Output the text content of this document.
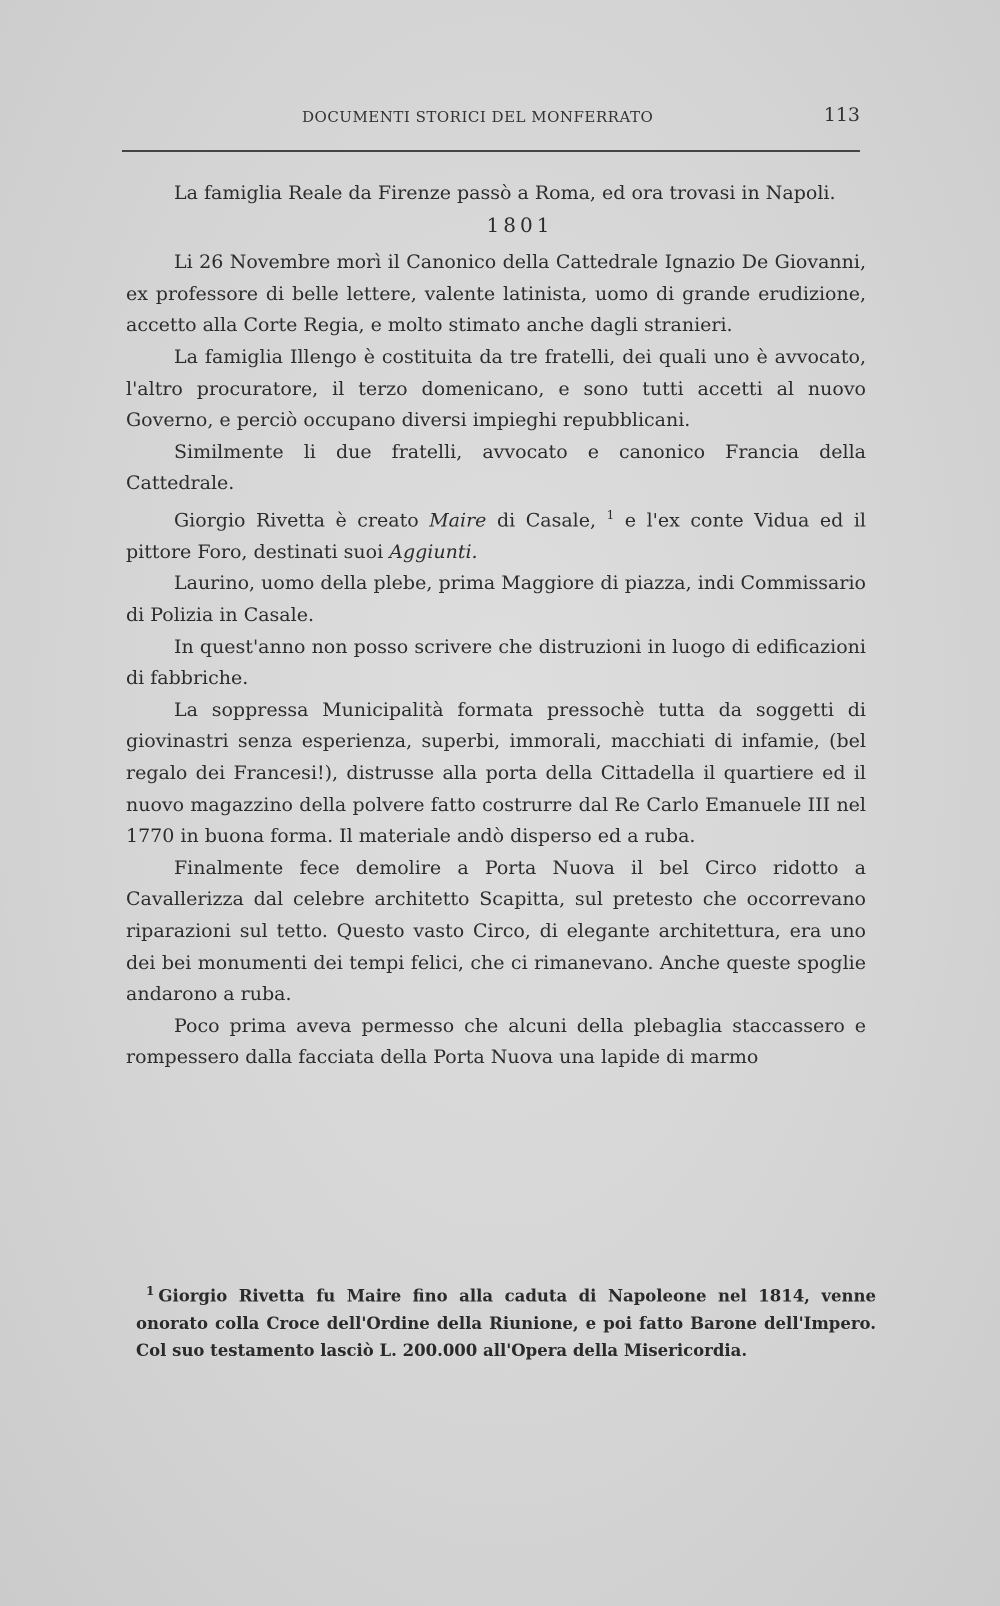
DOCUMENTI STORICI DEL MONFERRATO	113

La famiglia Reale da Firenze passò a Roma, ed ora trovasi in Napoli.

1801

Li 26 Novembre morì il Canonico della Cattedrale Ignazio De Giovanni, ex professore di belle lettere, valente latinista, uomo di grande erudizione, accetto alla Corte Regia, e molto stimato anche dagli stranieri.

La famiglia Illengo è costituita da tre fratelli, dei quali uno è avvocato, l'altro procuratore, il terzo domenicano, e sono tutti accetti al nuovo Governo, e perciò occupano diversi impieghi repubblicani.

Similmente li due fratelli, avvocato e canonico Francia della Cattedrale.

Giorgio Rivetta è creato Maire di Casale, $^1$ e l'ex conte Vidua ed il pittore Foro, destinati suoi Aggiunti.

Laurino, uomo della plebe, prima Maggiore di piazza, indi Commissario di Polizia in Casale.

In quest'anno non posso scrivere che distruzioni in luogo di edificazioni di fabbriche.

La soppressa Municipalità formata pressochè tutta da soggetti di giovinastri senza esperienza, superbi, immorali, macchiati di infamie, (bel regalo dei Francesi!), distrusse alla porta della Cittadella il quartiere ed il nuovo magazzino della polvere fatto costrurre dal Re Carlo Emanuele III nel 1770 in buona forma. Il materiale andò disperso ed a ruba.

Finalmente fece demolire a Porta Nuova il bel Circo ridotto a Cavallerizza dal celebre architetto Scapitta, sul pretesto che occorrevano riparazioni sul tetto. Questo vasto Circo, di elegante architettura, era uno dei bei monumenti dei tempi felici, che ci rimanevano. Anche queste spoglie andarono a ruba.

Poco prima aveva permesso che alcuni della plebaglia staccassero e rompessero dalla facciata della Porta Nuova una lapide di marmo

$^1$ Giorgio Rivetta fu Maire fino alla caduta di Napoleone nel 1814, venne onorato colla Croce dell'Ordine della Riunione, e poi fatto Barone dell'Impero. Col suo testamento lasciò L. 200.000 all'Opera della Misericordia.
